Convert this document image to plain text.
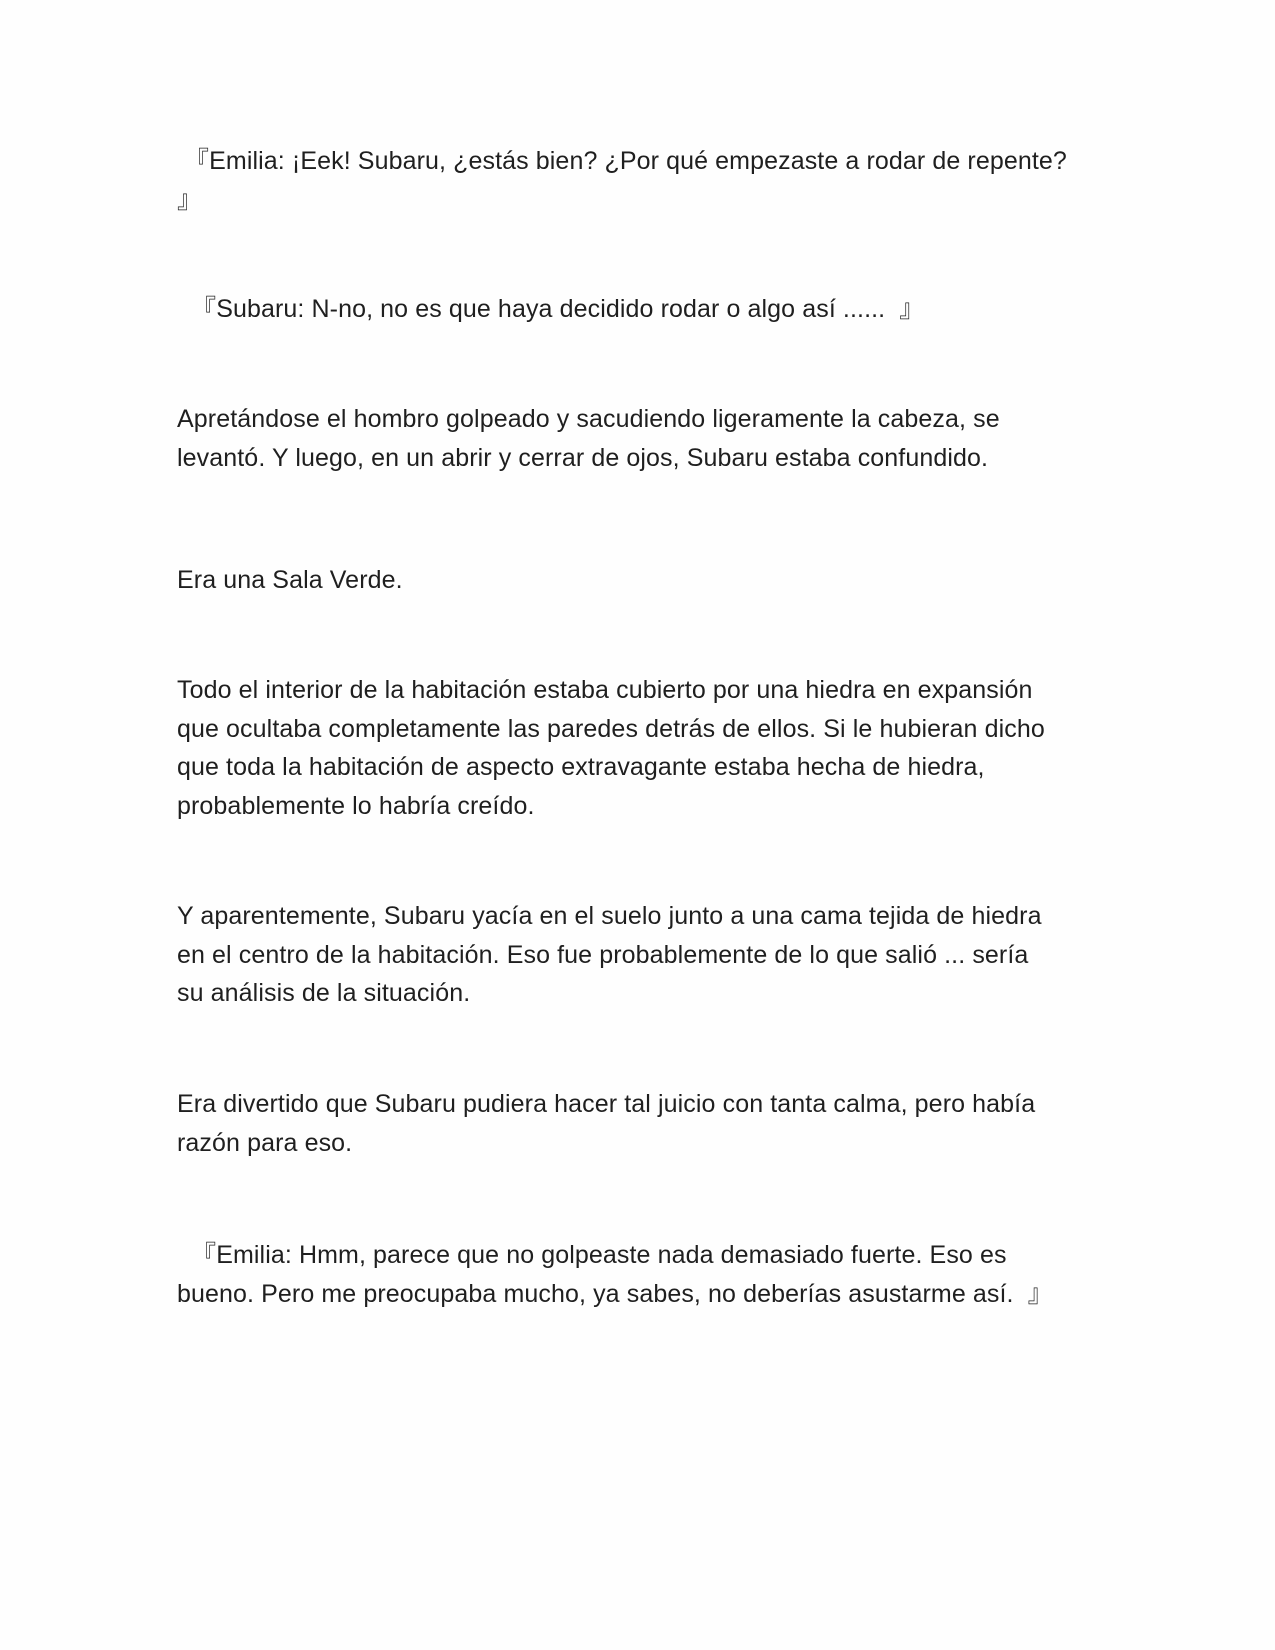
『Emilia: ¡Eek! Subaru, ¿estás bien? ¿Por qué empezaste a rodar de repente?
』

『Subaru: N-no, no es que haya decidido rodar o algo así ......  』

Apretándose el hombro golpeado y sacudiendo ligeramente la cabeza, se
levantó. Y luego, en un abrir y cerrar de ojos, Subaru estaba confundido.

Era una Sala Verde.

Todo el interior de la habitación estaba cubierto por una hiedra en expansión
que ocultaba completamente las paredes detrás de ellos. Si le hubieran dicho
que toda la habitación de aspecto extravagante estaba hecha de hiedra,
probablemente lo habría creído.

Y aparentemente, Subaru yacía en el suelo junto a una cama tejida de hiedra
en el centro de la habitación. Eso fue probablemente de lo que salió ... sería
su análisis de la situación.

Era divertido que Subaru pudiera hacer tal juicio con tanta calma, pero había
razón para eso.

『Emilia: Hmm, parece que no golpeaste nada demasiado fuerte. Eso es
bueno. Pero me preocupaba mucho, ya sabes, no deberías asustarme así.  』
